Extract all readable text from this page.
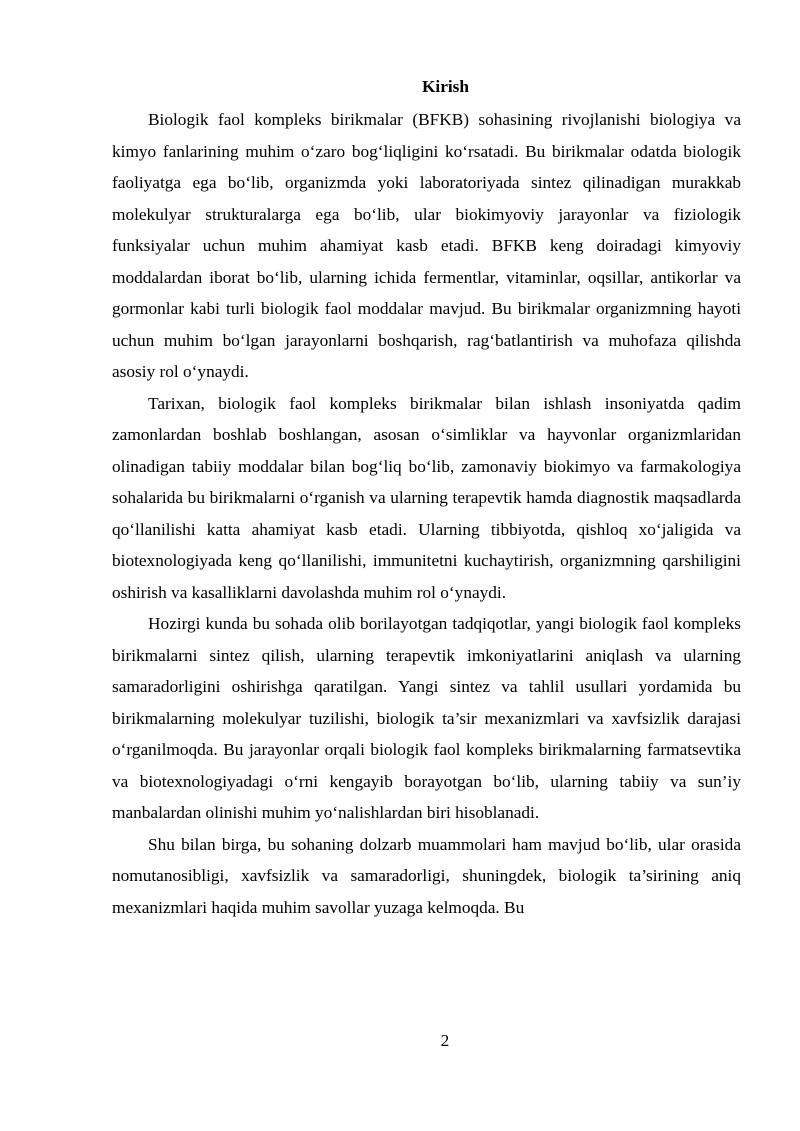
Kirish

Biologik faol kompleks birikmalar (BFKB) sohasining rivojlanishi biologiya va kimyo fanlarining muhim o‘zaro bog‘liqligini ko‘rsatadi. Bu birikmalar odatda biologik faoliyatga ega bo‘lib, organizmda yoki laboratoriyada sintez qilinadigan murakkab molekulyar strukturalarga ega bo‘lib, ular biokimyoviy jarayonlar va fiziologik funksiyalar uchun muhim ahamiyat kasb etadi. BFKB keng doiradagi kimyoviy moddalardan iborat bo‘lib, ularning ichida fermentlar, vitaminlar, oqsillar, antikorlar va gormonlar kabi turli biologik faol moddalar mavjud. Bu birikmalar organizmning hayoti uchun muhim bo‘lgan jarayonlarni boshqarish, rag‘batlantirish va muhofaza qilishda asosiy rol o‘ynaydi.

Tarixan, biologik faol kompleks birikmalar bilan ishlash insoniyatda qadim zamonlardan boshlab boshlangan, asosan o‘simliklar va hayvonlar organizmlaridan olinadigan tabiiy moddalar bilan bog‘liq bo‘lib, zamonaviy biokimyo va farmakologiya sohalarida bu birikmalarni o‘rganish va ularning terapevtik hamda diagnostik maqsadlarda qo‘llanilishi katta ahamiyat kasb etadi. Ularning tibbiyotda, qishloq xo‘jaligida va biotexnologiyada keng qo‘llanilishi, immunitetni kuchaytirish, organizmning qarshiligini oshirish va kasalliklarni davolashda muhim rol o‘ynaydi.

Hozirgi kunda bu sohada olib borilayotgan tadqiqotlar, yangi biologik faol kompleks birikmalarni sintez qilish, ularning terapevtik imkoniyatlarini aniqlash va ularning samaradorligini oshirishga qaratilgan. Yangi sintez va tahlil usullari yordamida bu birikmalarning molekulyar tuzilishi, biologik ta’sir mexanizmlari va xavfsizlik darajasi o‘rganilmoqda. Bu jarayonlar orqali biologik faol kompleks birikmalarning farmatsevtika va biotexnologiyadagi o‘rni kengayib borayotgan bo‘lib, ularning tabiiy va sun’iy manbalardan olinishi muhim yo‘nalishlardan biri hisoblanadi.

Shu bilan birga, bu sohaning dolzarb muammolari ham mavjud bo‘lib, ular orasida nomutanosibligi, xavfsizlik va samaradorligi, shuningdek, biologik ta’sirining aniq mexanizmlari haqida muhim savollar yuzaga kelmoqda. Bu

2
